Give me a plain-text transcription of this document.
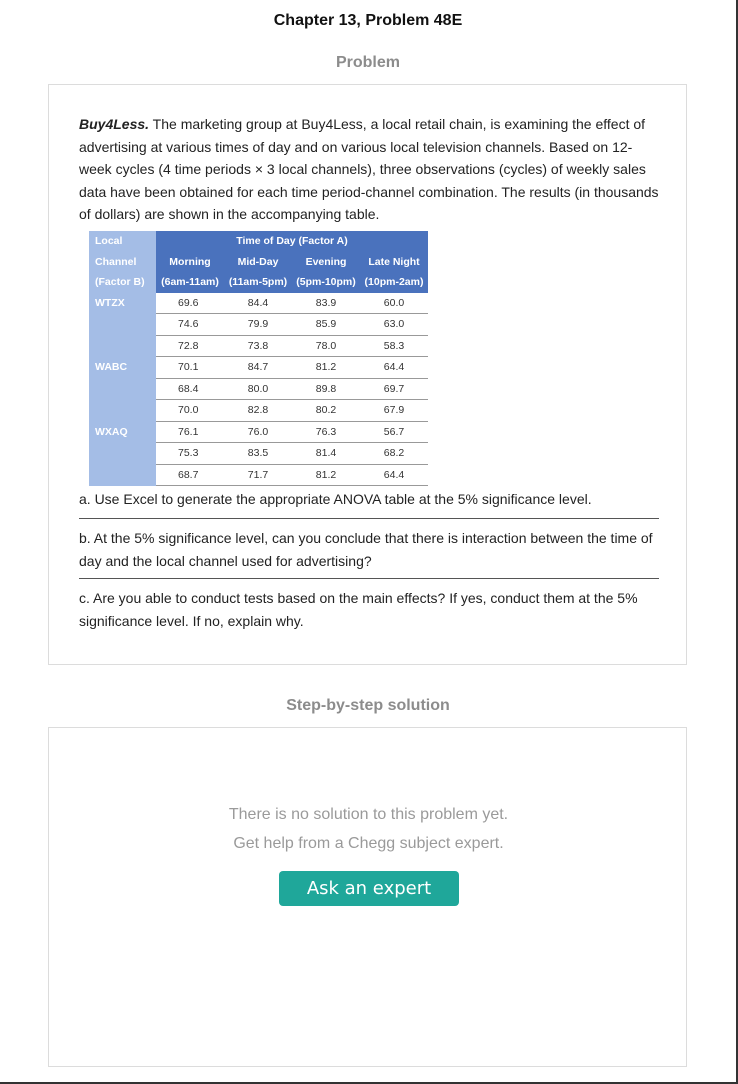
Chapter 13, Problem 48E
Problem
Buy4Less. The marketing group at Buy4Less, a local retail chain, is examining the effect of advertising at various times of day and on various local television channels. Based on 12-week cycles (4 time periods × 3 local channels), three observations (cycles) of weekly sales data have been obtained for each time period-channel combination. The results (in thousands of dollars) are shown in the accompanying table.
Local	Time of Day (Factor A)			
Channel	Morning	Mid-Day	Evening	Late Night
(Factor B)	(6am-11am)	(11am-5pm)	(5pm-10pm)	(10pm-2am)
WTZX	69.6	84.4	83.9	60.0
	74.6	79.9	85.9	63.0
	72.8	73.8	78.0	58.3
WABC	70.1	84.7	81.2	64.4
	68.4	80.0	89.8	69.7
	70.0	82.8	80.2	67.9
WXAQ	76.1	76.0	76.3	56.7
	75.3	83.5	81.4	68.2
	68.7	71.7	81.2	64.4
a. Use Excel to generate the appropriate ANOVA table at the 5% significance level.
b. At the 5% significance level, can you conclude that there is interaction between the time of day and the local channel used for advertising?
c. Are you able to conduct tests based on the main effects? If yes, conduct them at the 5% significance level. If no, explain why.
Step-by-step solution
There is no solution to this problem yet.
Get help from a Chegg subject expert.
Ask an expert
